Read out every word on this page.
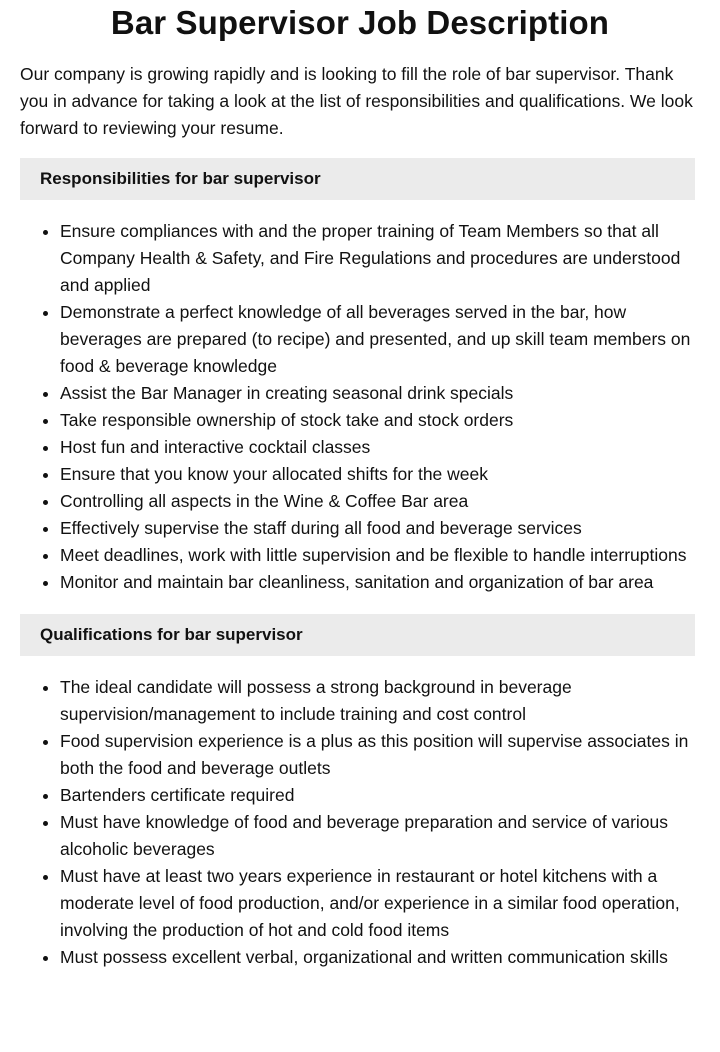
Bar Supervisor Job Description

Our company is growing rapidly and is looking to fill the role of bar supervisor. Thank you in advance for taking a look at the list of responsibilities and qualifications. We look forward to reviewing your resume.

Responsibilities for bar supervisor
• Ensure compliances with and the proper training of Team Members so that all Company Health & Safety, and Fire Regulations and procedures are understood and applied
• Demonstrate a perfect knowledge of all beverages served in the bar, how beverages are prepared (to recipe) and presented, and up skill team members on food & beverage knowledge
• Assist the Bar Manager in creating seasonal drink specials
• Take responsible ownership of stock take and stock orders
• Host fun and interactive cocktail classes
• Ensure that you know your allocated shifts for the week
• Controlling all aspects in the Wine & Coffee Bar area
• Effectively supervise the staff during all food and beverage services
• Meet deadlines, work with little supervision and be flexible to handle interruptions
• Monitor and maintain bar cleanliness, sanitation and organization of bar area
Qualifications for bar supervisor
• The ideal candidate will possess a strong background in beverage supervision/management to include training and cost control
• Food supervision experience is a plus as this position will supervise associates in both the food and beverage outlets
• Bartenders certificate required
• Must have knowledge of food and beverage preparation and service of various alcoholic beverages
• Must have at least two years experience in restaurant or hotel kitchens with a moderate level of food production, and/or experience in a similar food operation, involving the production of hot and cold food items
• Must possess excellent verbal, organizational and written communication skills
